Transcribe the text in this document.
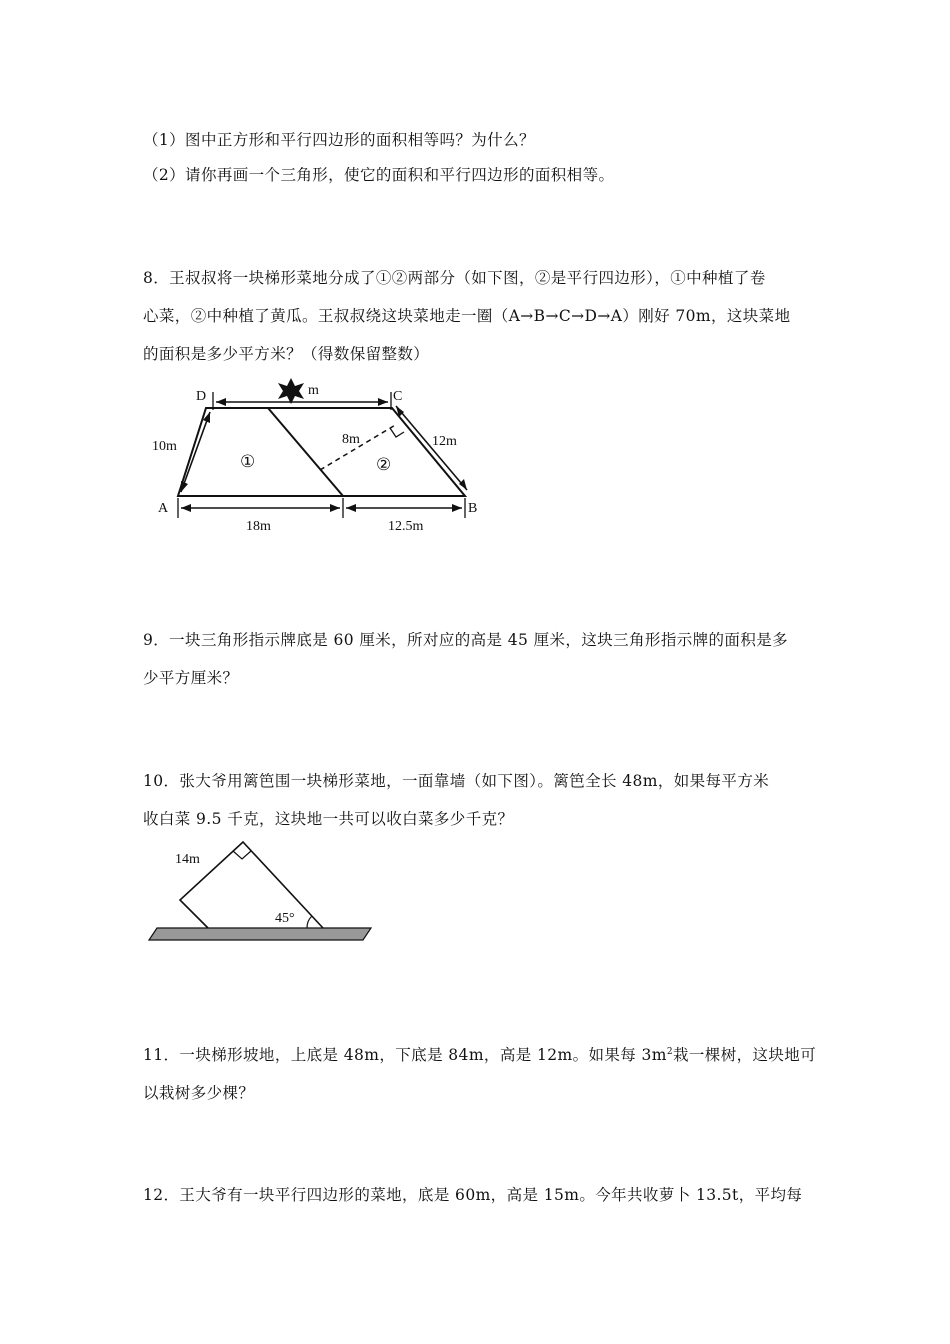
（1）图中正方形和平行四边形的面积相等吗？为什么？
（2）请你再画一个三角形，使它的面积和平行四边形的面积相等。
8．王叔叔将一块梯形菜地分成了①②两部分（如下图，②是平行四边形），①中种植了卷
心菜，②中种植了黄瓜。王叔叔绕这块菜地走一圈（A→B→C→D→A）刚好 70m，这块菜地
的面积是多少平方米？（得数保留整数）
D	C
A	B
m
10m	12m
8m
①	②
18m	12.5m
9．一块三角形指示牌底是 60 厘米，所对应的高是 45 厘米，这块三角形指示牌的面积是多
少平方厘米？
10．张大爷用篱笆围一块梯形菜地，一面靠墙（如下图）。篱笆全长 48m，如果每平方米
收白菜 9.5 千克，这块地一共可以收白菜多少千克？
14m
45°
11．一块梯形坡地，上底是 48m，下底是 84m，高是 12m。如果每 $3m^2$栽一棵树，这块地可
以栽树多少棵？
12．王大爷有一块平行四边形的菜地，底是 60m，高是 15m。今年共收萝卜 13.5t，平均每
